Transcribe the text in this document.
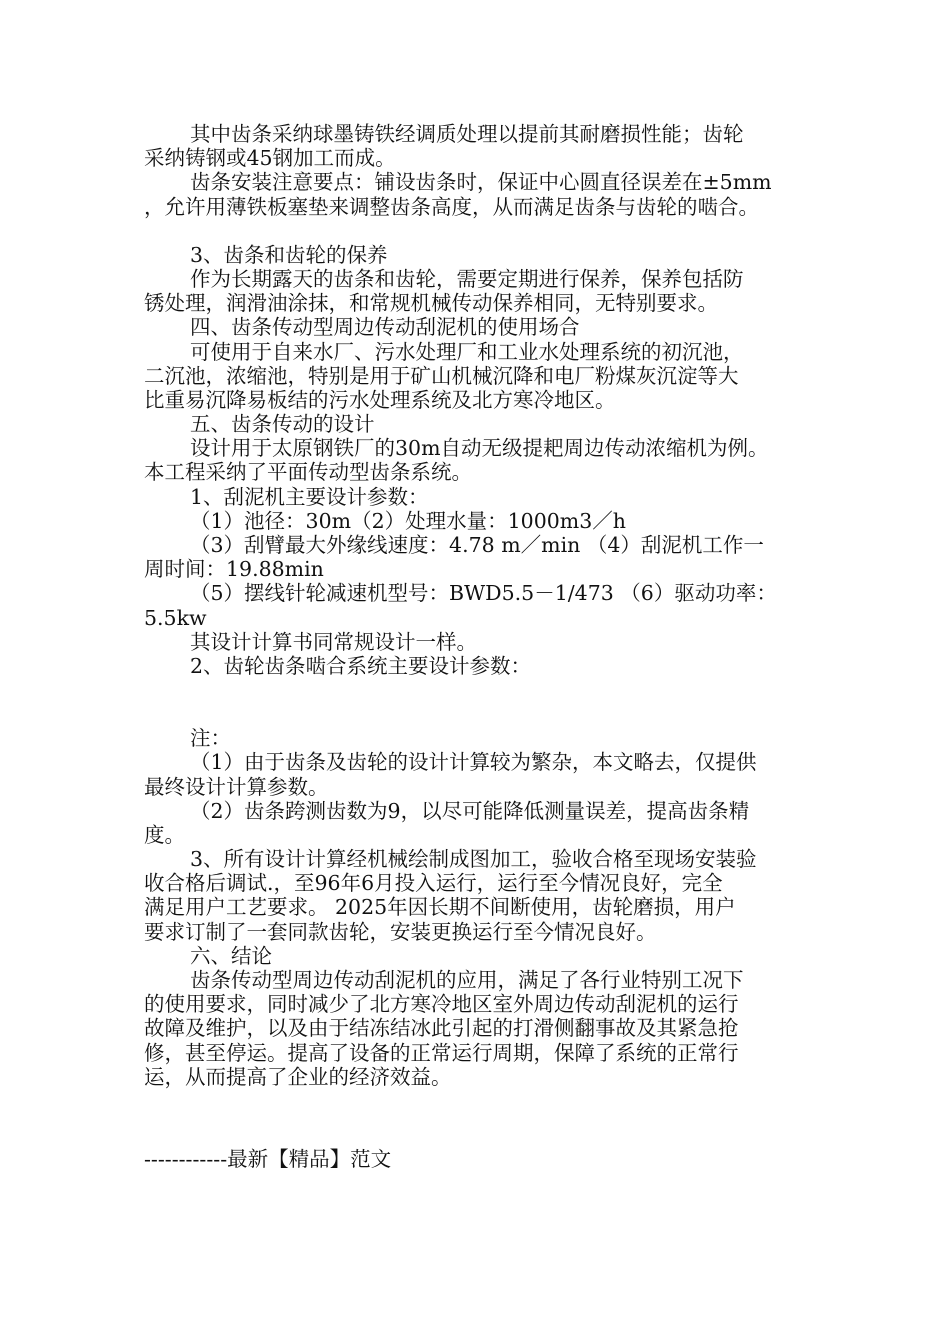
其中齿条采纳球墨铸铁经调质处理以提前其耐磨损性能；齿轮
采纳铸钢或45钢加工而成。
齿条安装注意要点：铺设齿条时，保证中心圆直径误差在±5mm
，允许用薄铁板塞垫来调整齿条高度，从而满足齿条与齿轮的啮合。
3、齿条和齿轮的保养
作为长期露天的齿条和齿轮，需要定期进行保养，保养包括防
锈处理，润滑油涂抹，和常规机械传动保养相同，无特别要求。
四、齿条传动型周边传动刮泥机的使用场合
可使用于自来水厂、污水处理厂和工业水处理系统的初沉池，
二沉池，浓缩池，特别是用于矿山机械沉降和电厂粉煤灰沉淀等大
比重易沉降易板结的污水处理系统及北方寒冷地区。
五、齿条传动的设计
设计用于太原钢铁厂的30m自动无级提耙周边传动浓缩机为例。
本工程采纳了平面传动型齿条系统。
1、刮泥机主要设计参数：
（1）池径：30m（2）处理水量：1000m3／h
（3）刮臂最大外缘线速度：4.78 m／min （4）刮泥机工作一
周时间：19.88min
（5）摆线针轮减速机型号：BWD5.5－1/473 （6）驱动功率：
5.5kw
其设计计算书同常规设计一样。
2、齿轮齿条啮合系统主要设计参数：
注：
（1）由于齿条及齿轮的设计计算较为繁杂，本文略去，仅提供
最终设计计算参数。
（2）齿条跨测齿数为9，以尽可能降低测量误差，提高齿条精
度。
3、所有设计计算经机械绘制成图加工，验收合格至现场安装验
收合格后调试.，至96年6月投入运行，运行至今情况良好，完全
满足用户工艺要求。 2025年因长期不间断使用，齿轮磨损，用户
要求订制了一套同款齿轮，安装更换运行至今情况良好。
六、结论
齿条传动型周边传动刮泥机的应用，满足了各行业特别工况下
的使用要求，同时减少了北方寒冷地区室外周边传动刮泥机的运行
故障及维护，以及由于结冻结冰此引起的打滑侧翻事故及其紧急抢
修，甚至停运。提高了设备的正常运行周期，保障了系统的正常行
运，从而提高了企业的经济效益。
------------最新【精品】范文
